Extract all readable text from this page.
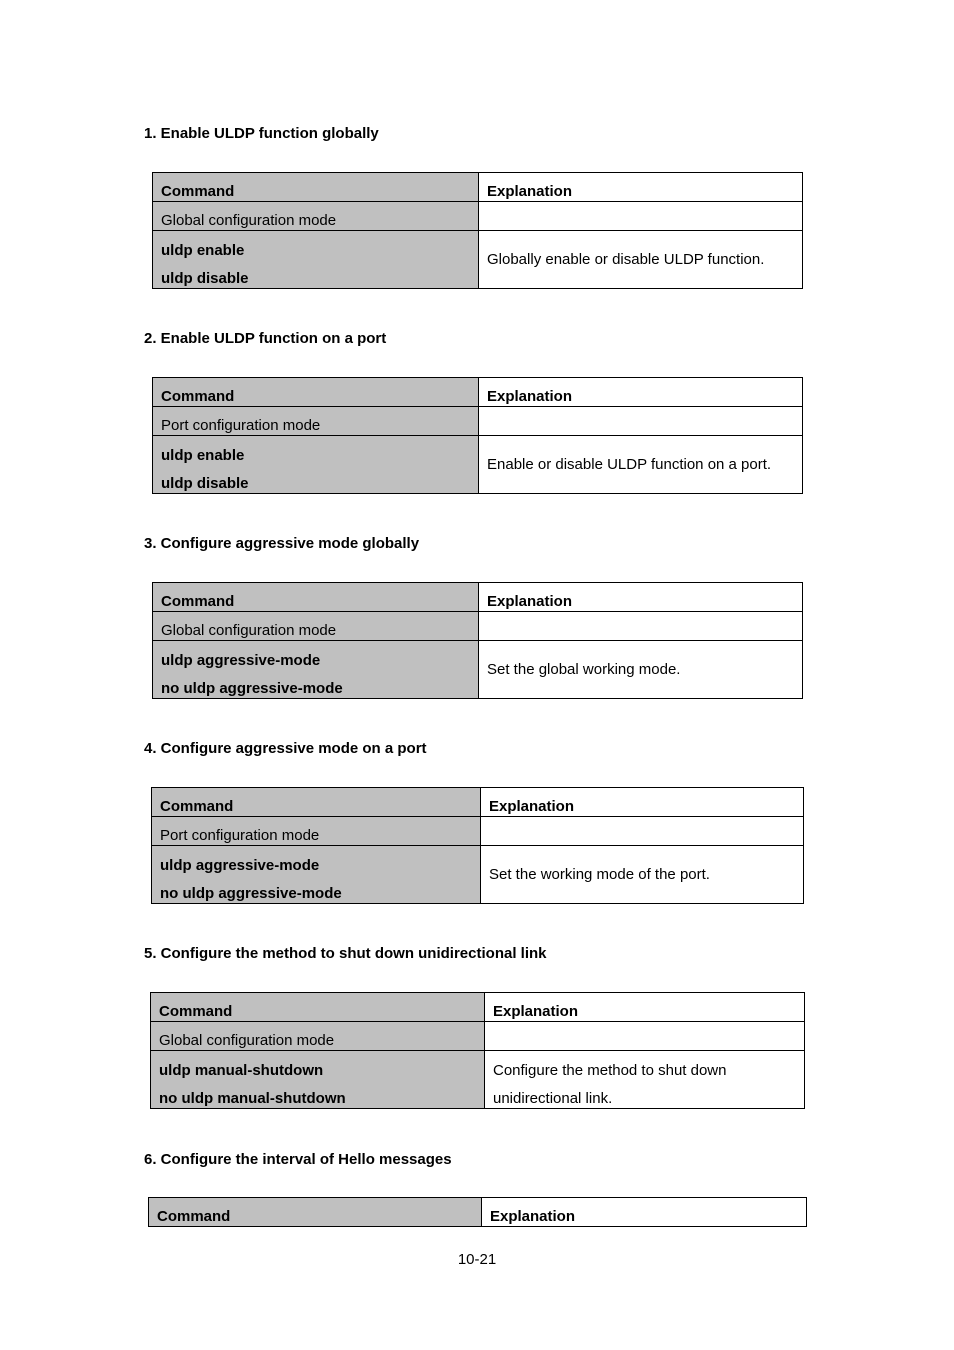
1. Enable ULDP function globally
Command	Explanation
Global configuration mode	

uldp enable
uldp disable	Globally enable or disable ULDP function.
2. Enable ULDP function on a port
Command	Explanation
Port configuration mode	

uldp enable
uldp disable	Enable or disable ULDP function on a port.
3. Configure aggressive mode globally
Command	Explanation
Global configuration mode	

uldp aggressive-mode
no uldp aggressive-mode	Set the global working mode.
4. Configure aggressive mode on a port
Command	Explanation
Port configuration mode	

uldp aggressive-mode
no uldp aggressive-mode	Set the working mode of the port.
5. Configure the method to shut down unidirectional link
Command	Explanation
Global configuration mode	

uldp manual-shutdown
no uldp manual-shutdown	Configure the method to shut down
unidirectional link.
6. Configure the interval of Hello messages
Command	Explanation
10-21
